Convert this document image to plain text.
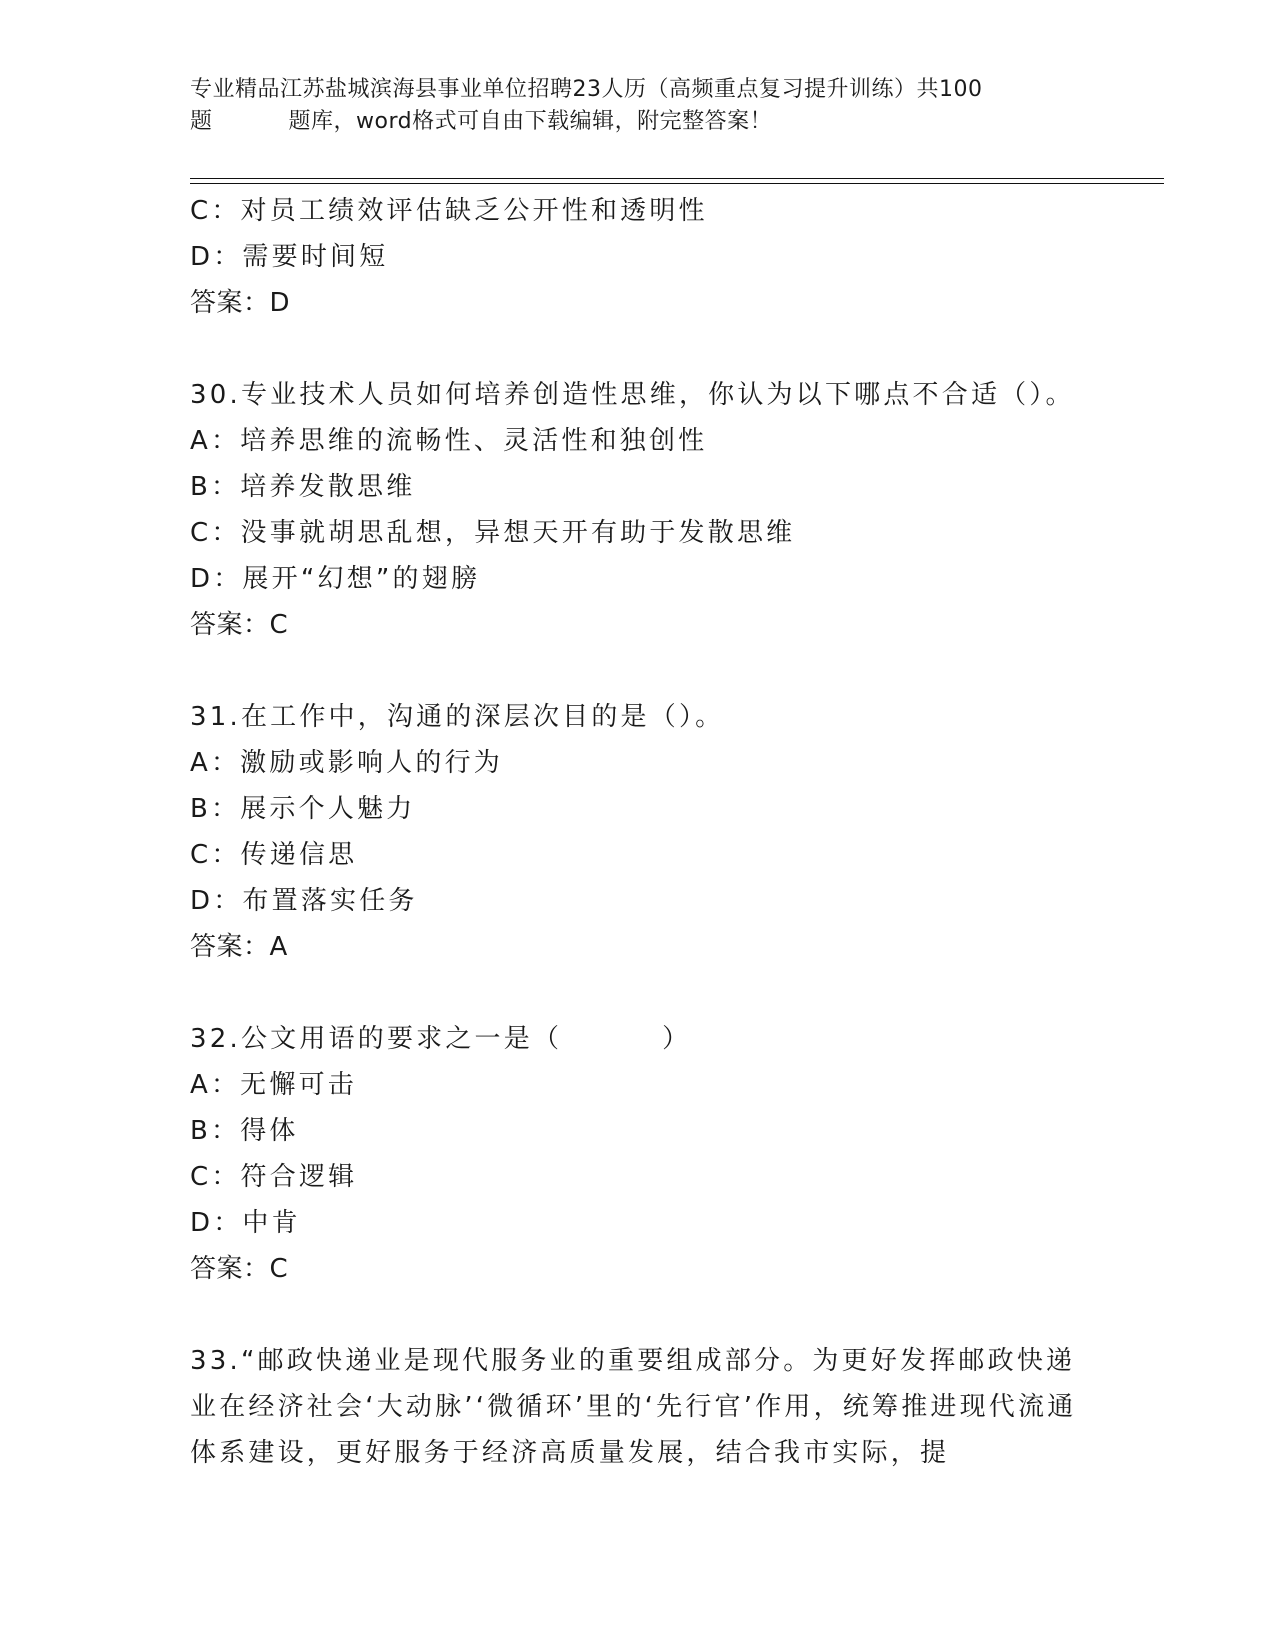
专业精品江苏盐城滨海县事业单位招聘23人历（高频重点复习提升训练）共100
题	题库，word格式可自由下载编辑，附完整答案！
C：对员工绩效评估缺乏公开性和透明性
D：需要时间短
答案：D
30.专业技术人员如何培养创造性思维，你认为以下哪点不合适（）。
A：培养思维的流畅性、灵活性和独创性
B：培养发散思维
C：没事就胡思乱想，异想天开有助于发散思维
D：展开“幻想”的翅膀
答案：C
31.在工作中，沟通的深层次目的是（）。
A：激励或影响人的行为
B：展示个人魅力
C：传递信思
D：布置落实任务
答案：A
32.公文用语的要求之一是（	）
A：无懈可击
B：得体
C：符合逻辑
D：中肯
答案：C
33.“邮政快递业是现代服务业的重要组成部分。为更好发挥邮政快递业在经济社会‘大动脉’‘微循环’里的‘先行官’作用，统筹推进现代流通体系建设，更好服务于经济高质量发展，结合我市实际，提
